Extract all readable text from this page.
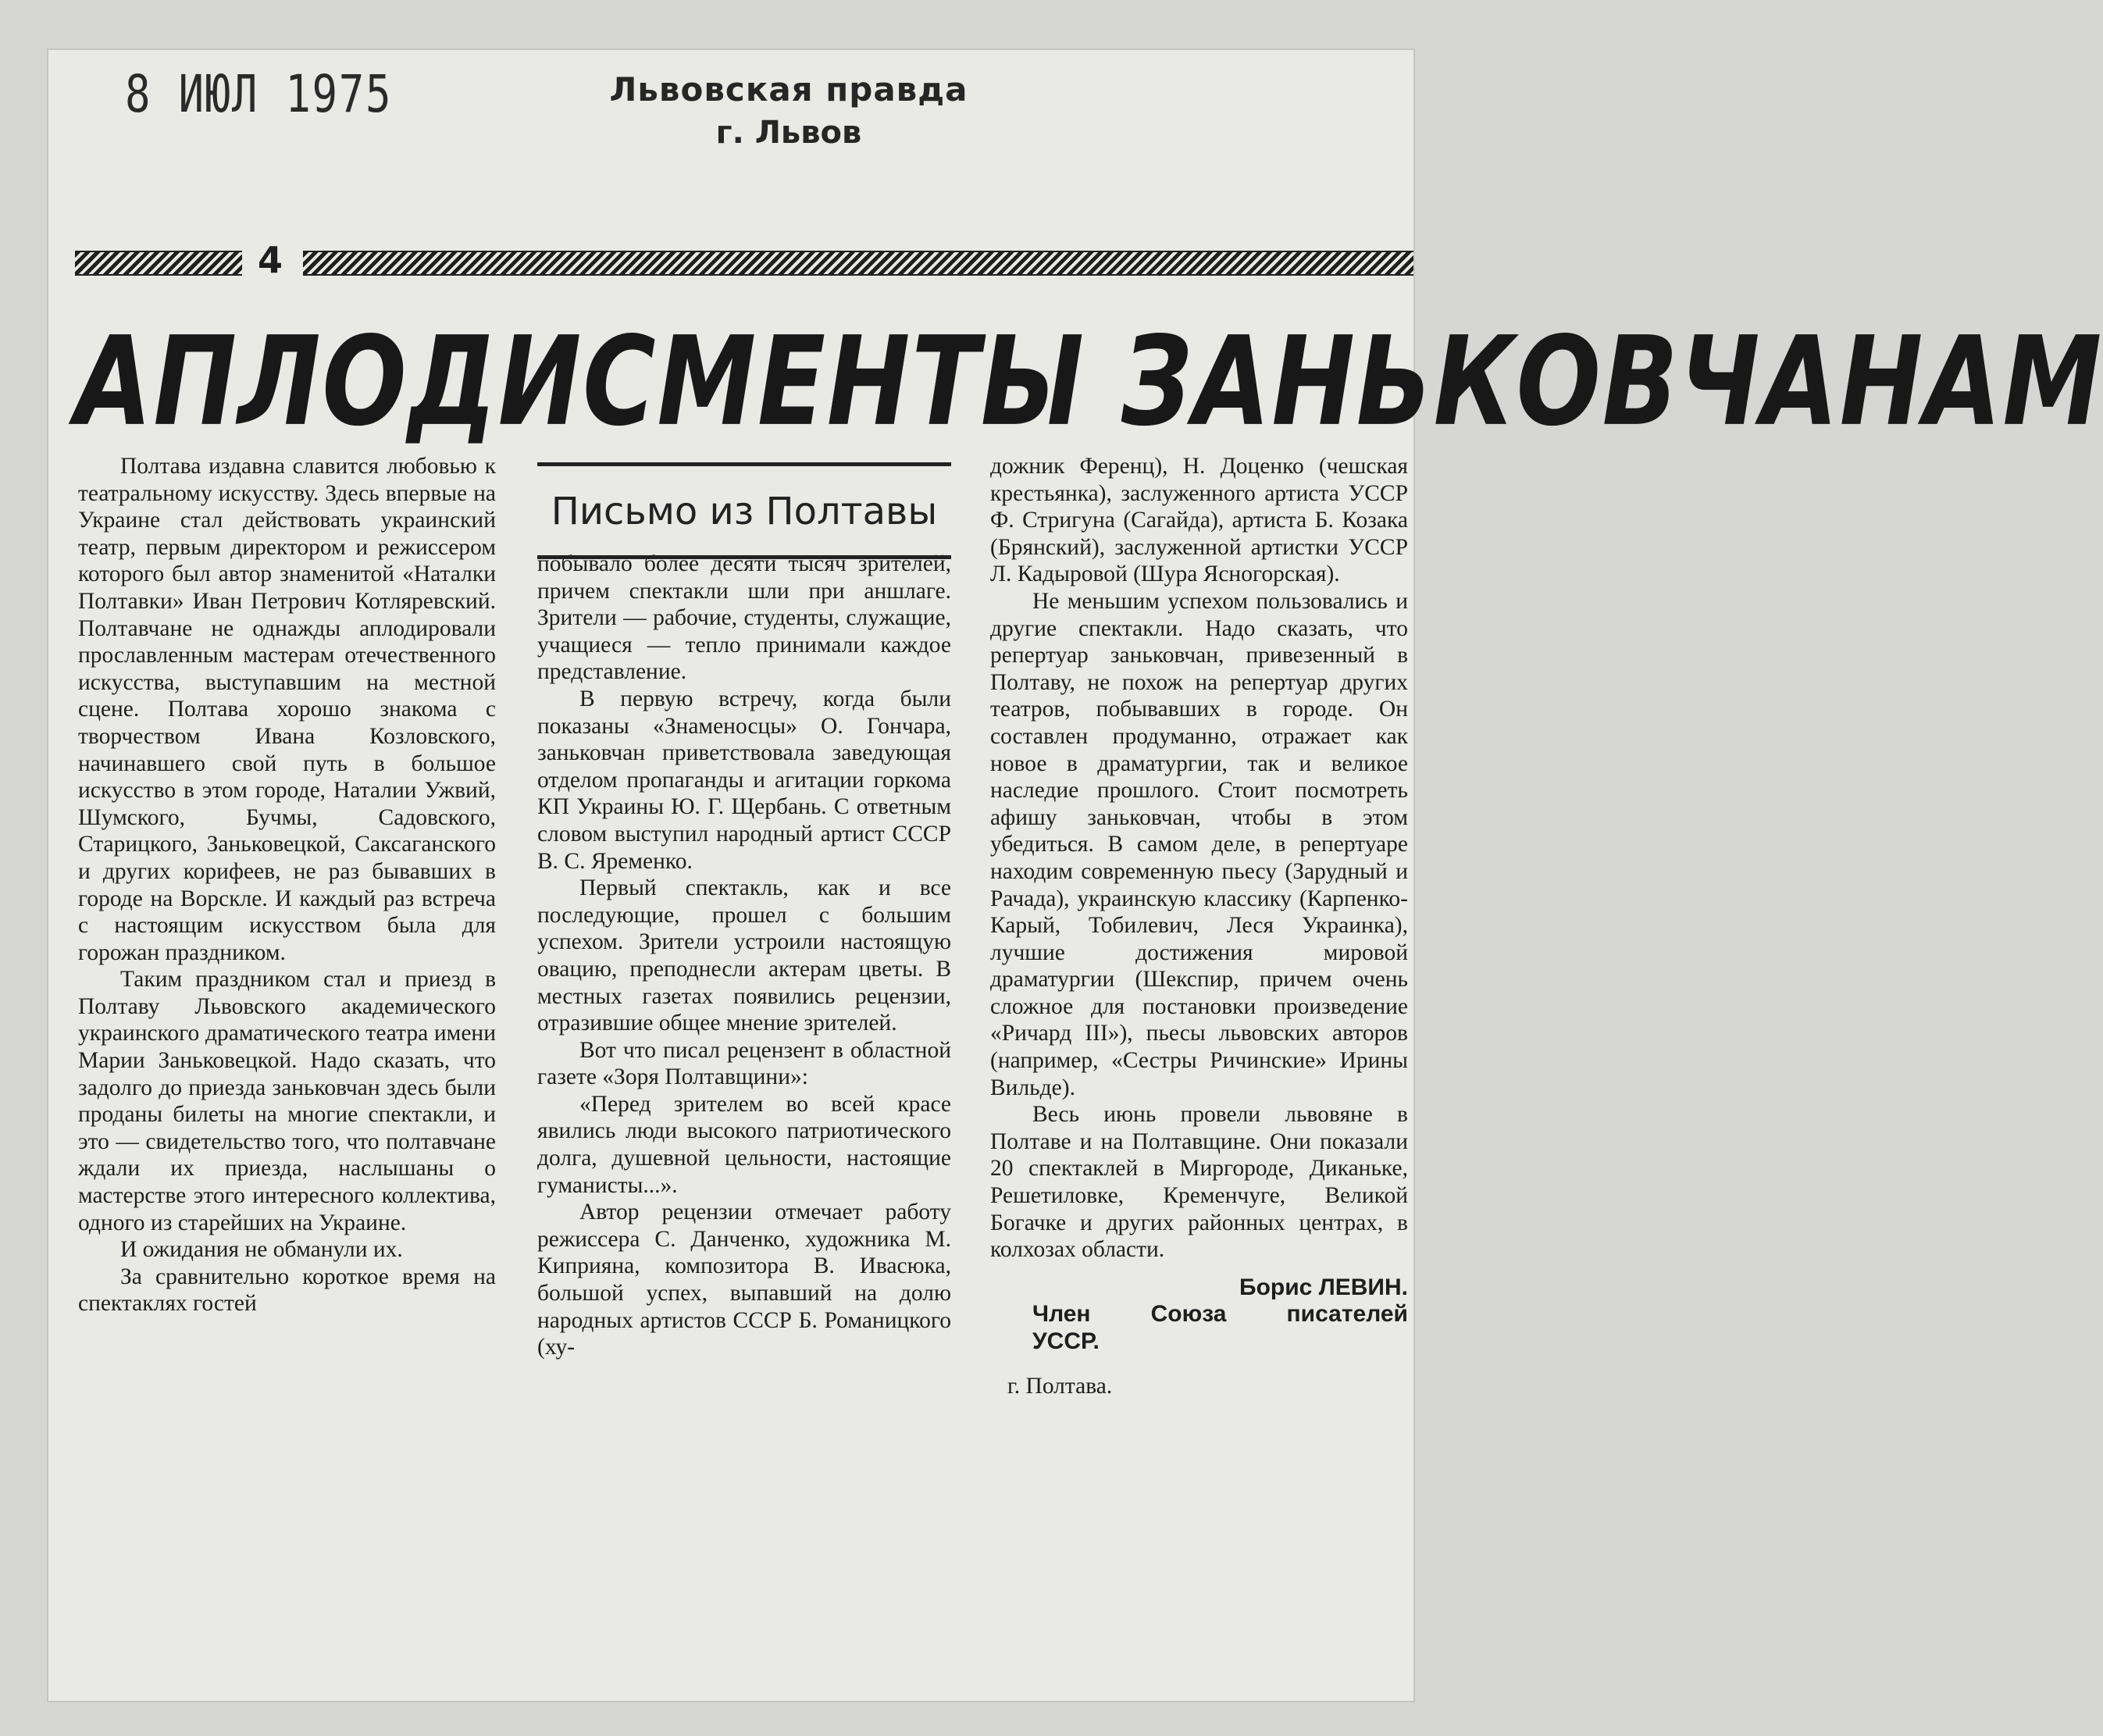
8 ИЮЛ 1975	Львовская правда
г. Львов
4
АПЛОДИСМЕНТЫ ЗАНЬКОВЧАНАМ

Полтава издавна славится любовью к театральному искусству. Здесь впервые на Украине стал действовать украинский театр, первым директором и режиссером которого был автор знаменитой «Наталки Полтавки» Иван Петрович Котляревский. Полтавчане не однажды аплодировали прославленным мастерам отечественного искусства, выступавшим на местной сцене. Полтава хорошо знакома с творчеством Ивана Козловского, начинавшего свой путь в большое искусство в этом городе, Наталии Ужвий, Шумского, Бучмы, Садовского, Старицкого, Заньковецкой, Саксаганского и других корифеев, не раз бывавших в городе на Ворскле. И каждый раз встреча с настоящим искусством была для горожан праздником.

Таким праздником стал и приезд в Полтаву Львовского академического украинского драматического театра имени Марии Заньковецкой. Надо сказать, что задолго до приезда заньковчан здесь были проданы билеты на многие спектакли, и это — свидетельство того, что полтавчане ждали их приезда, наслышаны о мастерстве этого интересного коллектива, одного из старейших на Украине.

И ожидания не обманули их.

За сравнительно короткое время на спектаклях гостей

Письмо из Полтавы

побывало более десяти тысяч зрителей, причем спектакли шли при аншлаге. Зрители — рабочие, студенты, служащие, учащиеся — тепло принимали каждое представление.

В первую встречу, когда были показаны «Знаменосцы» О. Гончара, заньковчан приветствовала заведующая отделом пропаганды и агитации горкома КП Украины Ю. Г. Щербань. С ответным словом выступил народный артист СССР В. С. Яременко.

Первый спектакль, как и все последующие, прошел с большим успехом. Зрители устроили настоящую овацию, преподнесли актерам цветы. В местных газетах появились рецензии, отразившие общее мнение зрителей.

Вот что писал рецензент в областной газете «Зоря Полтавщини»:

«Перед зрителем во всей красе явились люди высокого патриотического долга, душевной цельности, настоящие гуманисты...».

Автор рецензии отмечает работу режиссера С. Данченко, художника М. Киприяна, композитора В. Ивасюка, большой успех, выпавший на долю народных артистов СССР Б. Романицкого (ху-

дожник Ференц), Н. Доценко (чешская крестьянка), заслуженного артиста УССР Ф. Стригуна (Сагайда), артиста Б. Козака (Брянский), заслуженной артистки УССР Л. Кадыровой (Шура Ясногорская).

Не меньшим успехом пользовались и другие спектакли. Надо сказать, что репертуар заньковчан, привезенный в Полтаву, не похож на репертуар других театров, побывавших в городе. Он составлен продуманно, отражает как новое в драматургии, так и великое наследие прошлого. Стоит посмотреть афишу заньковчан, чтобы в этом убедиться. В самом деле, в репертуаре находим современную пьесу (Зарудный и Рачада), украинскую классику (Карпенко-Карый, Тобилевич, Леся Украинка), лучшие достижения мировой драматургии (Шекспир, причем очень сложное для постановки произведение «Ричард III»), пьесы львовских авторов (например, «Сестры Ричинские» Ирины Вильде).

Весь июнь провели львовяне в Полтаве и на Полтавщине. Они показали 20 спектаклей в Миргороде, Диканьке, Решетиловке, Кременчуге, Великой Богачке и других районных центрах, в колхозах области.

Борис ЛЕВИН.
Член Союза писателей
УССР.
г. Полтава.
